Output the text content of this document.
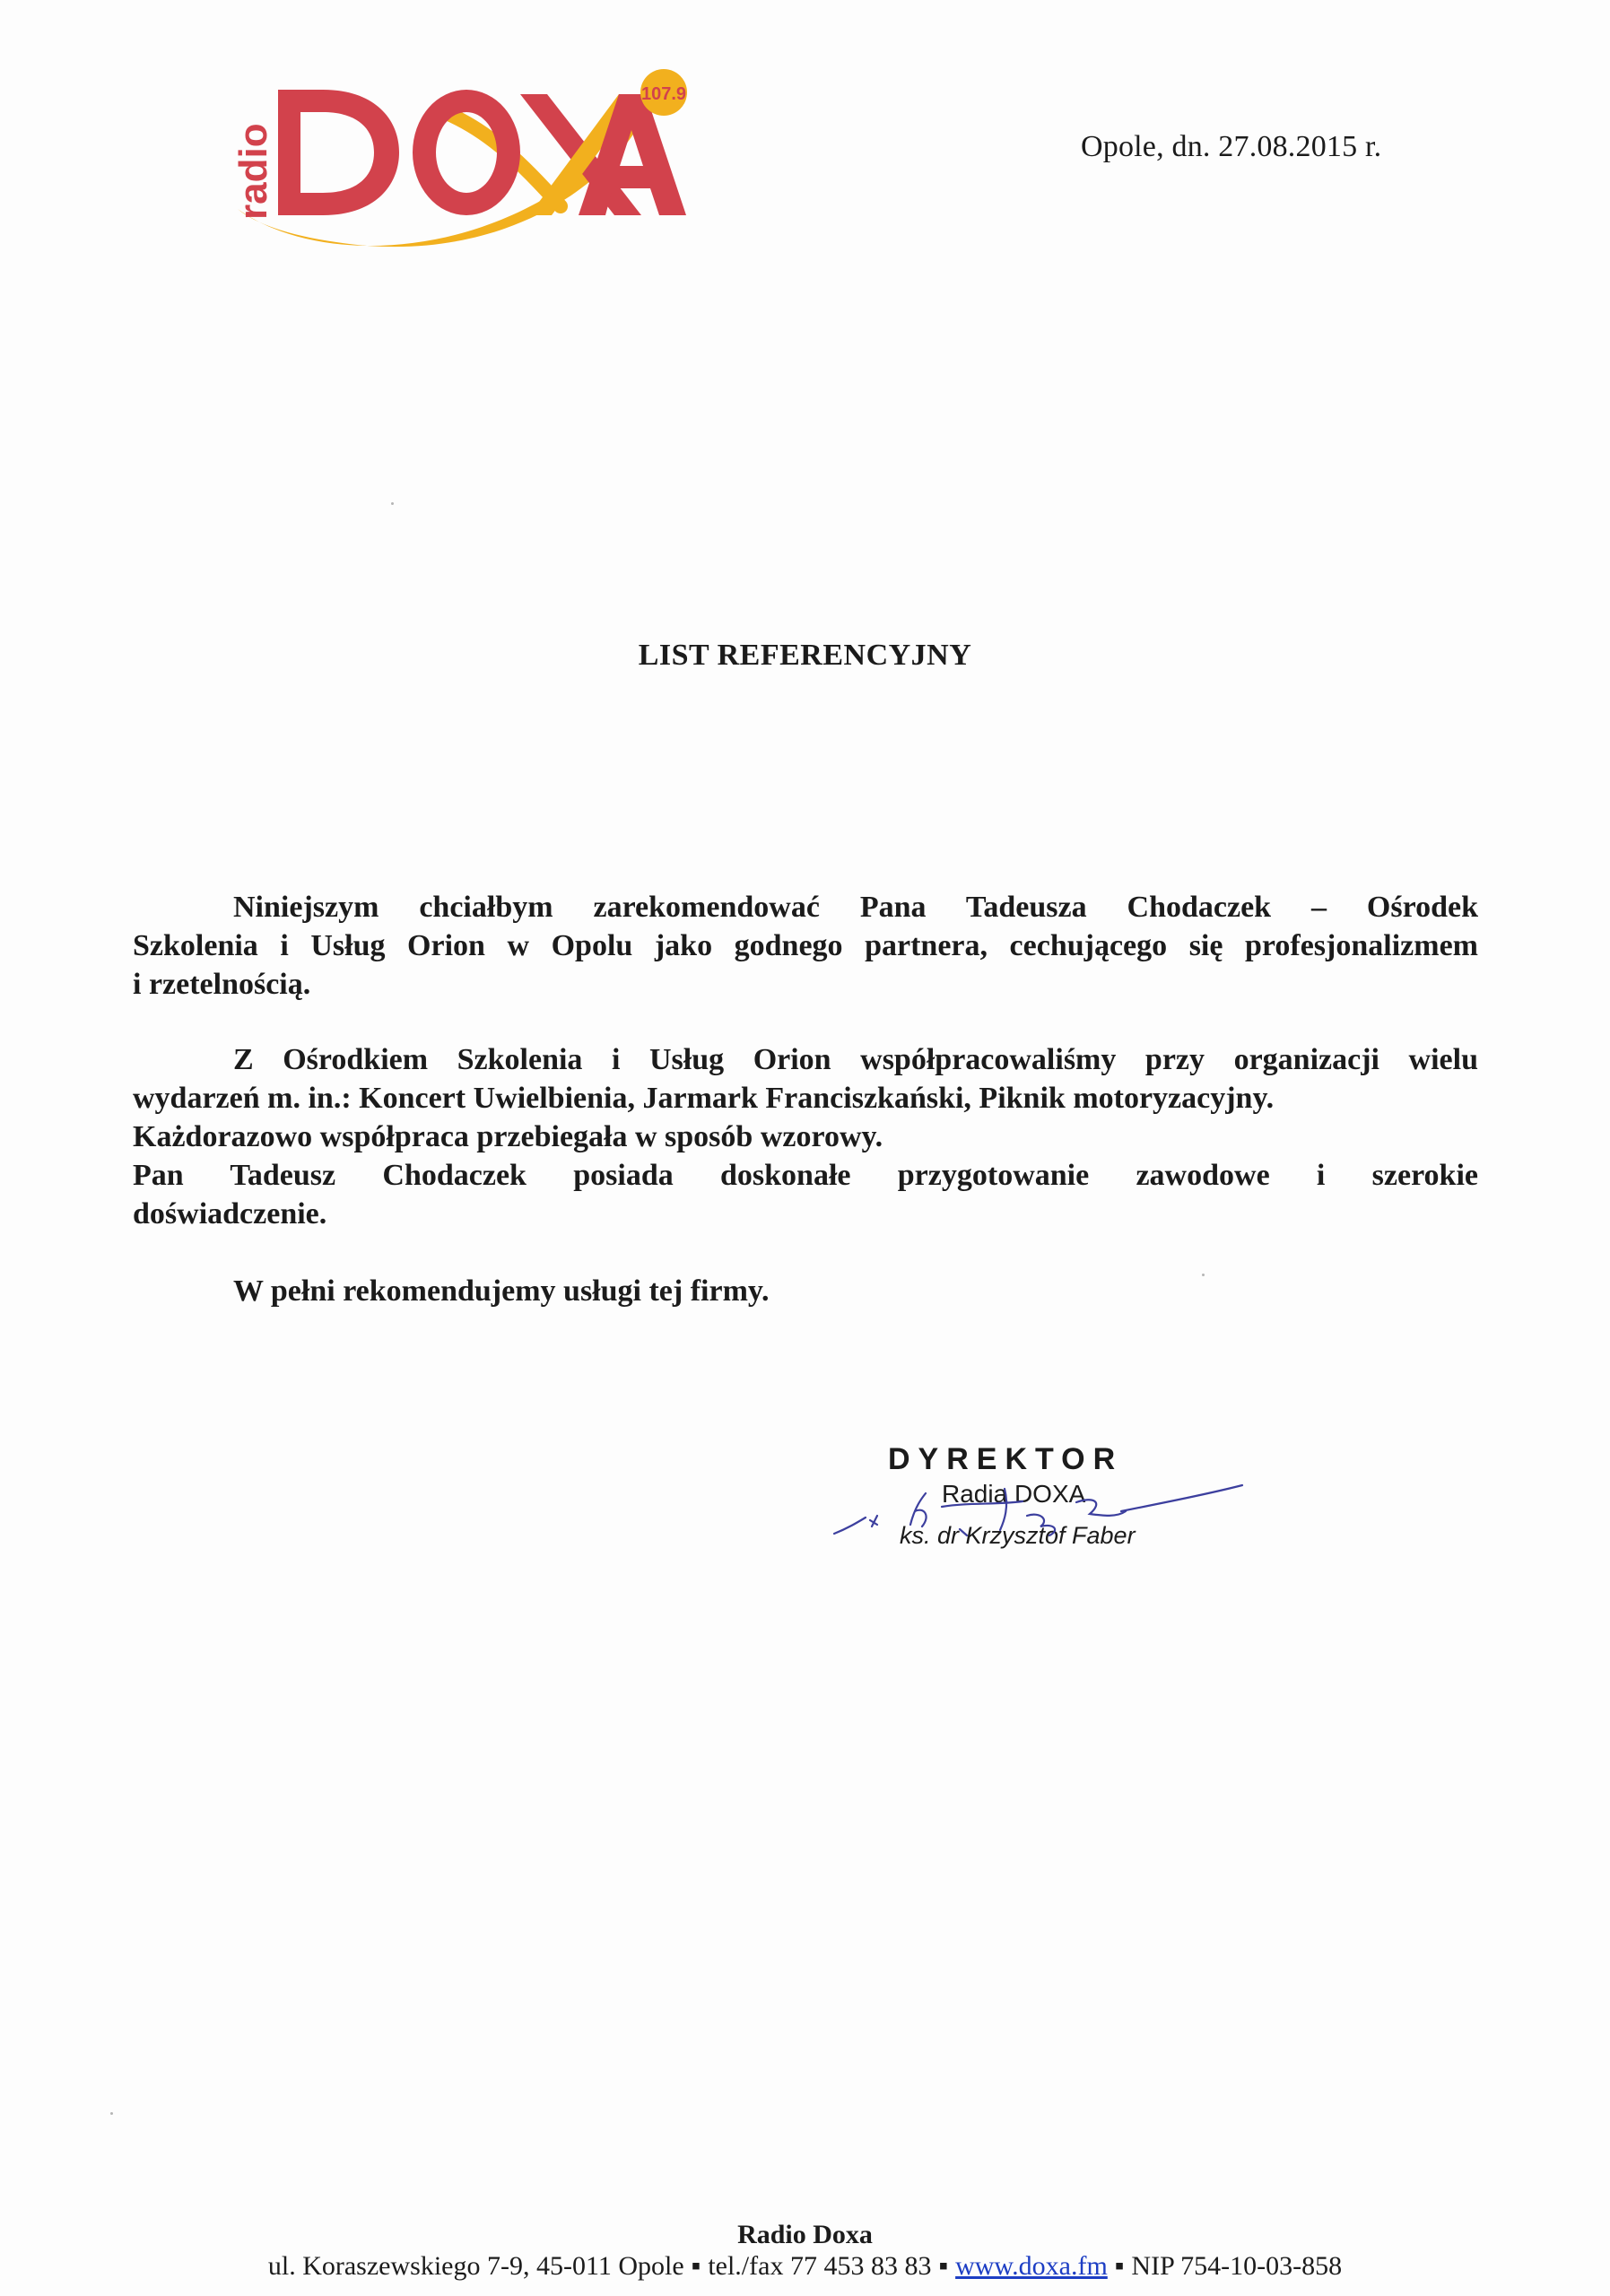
radio
107.9
DOXA
Opole, dn. 27.08.2015 r.
LIST REFERENCYJNY
Niniejszym chciałbym zarekomendować Pana Tadeusza Chodaczek – Ośrodek
Szkolenia i Usług Orion w Opolu jako godnego partnera, cechującego się profesjonalizmem
i rzetelnością.
Z Ośrodkiem Szkolenia i Usług Orion współpracowaliśmy przy organizacji wielu
wydarzeń m. in.: Koncert Uwielbienia, Jarmark Franciszkański, Piknik motoryzacyjny.
Każdorazowo współpraca przebiegała w sposób wzorowy.
Pan Tadeusz Chodaczek posiada doskonałe przygotowanie zawodowe i szerokie
doświadczenie.
W pełni rekomendujemy usługi tej firmy.
DYREKTOR
Radia DOXA
ks. dr Krzysztof Faber
Radio Doxa
ul. Koraszewskiego 7-9, 45-011 Opole ▪ tel./fax 77 453 83 83 ▪ www.doxa.fm ▪ NIP 754-10-03-858
